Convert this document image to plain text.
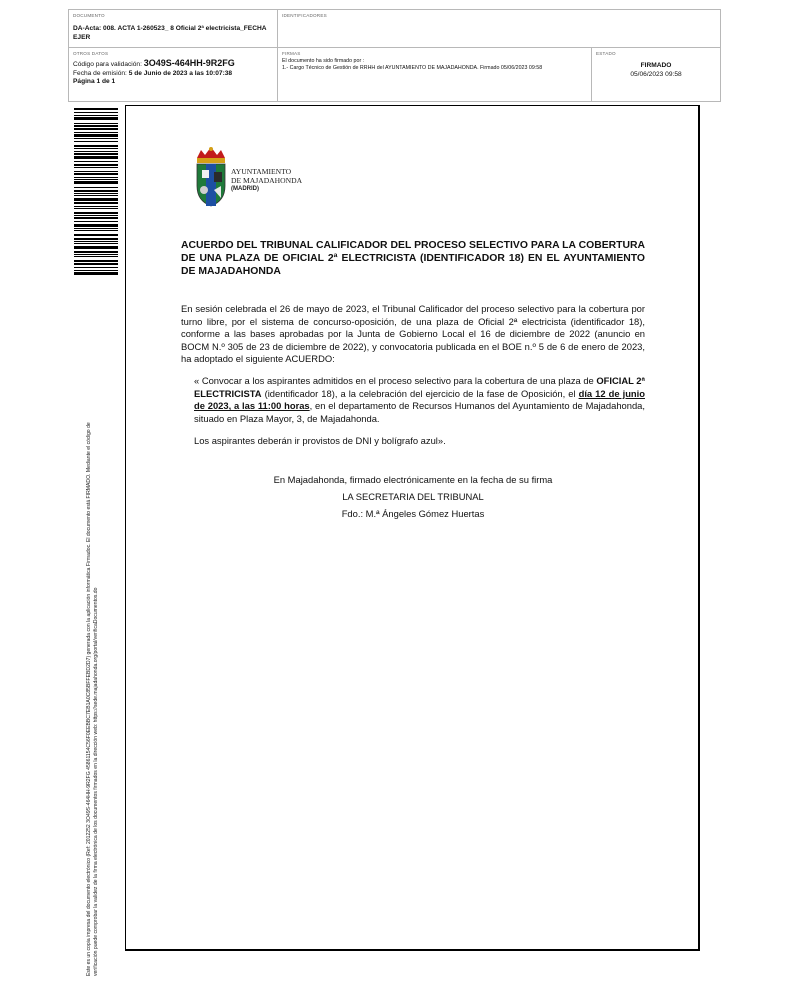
DOCUMENTO
DA-Acta: 008. ACTA 1-260523_ 8 Oficial 2ª electricista_FECHA EJER
IDENTIFICADORES
OTROS DATOS
Código para validación: 3O49S-464HH-9R2FG
Fecha de emisión: 5 de Junio de 2023 a las 10:07:38
Página 1 de 1
FIRMAS
El documento ha sido firmado por :
1.- Cargo Técnico de Gestión de RRHH del AYUNTAMIENTO DE MAJADAHONDA. Firmado 05/06/2023 09:58
ESTADO
FIRMADO
05/06/2023 09:58
Este es un copia impresa del documento electrónico (Ref: 2012252 3O49S-464HH-9R2FG 45861154C56F0EEBBC7EB1A0C85BFFEBD2D7) generada con la aplicación informática Firmadoc. El documento está FIRMADO. Mediante el código de verificación puede comprobar la validez de la firma electrónica de los documentos firmados en la dirección web: https://sede.majadahonda.org/portal/verificaDocumentos.do
AYUNTAMIENTO
DE MAJADAHONDA
(MADRID)
ACUERDO DEL TRIBUNAL CALIFICADOR DEL PROCESO SELECTIVO PARA LA COBERTURA DE UNA PLAZA DE OFICIAL 2ª ELECTRICISTA (IDENTIFICADOR 18) EN EL AYUNTAMIENTO DE MAJADAHONDA
En sesión celebrada el 26 de mayo de 2023, el Tribunal Calificador del proceso selectivo para la cobertura por turno libre, por el sistema de concurso-oposición, de una plaza de Oficial 2ª electricista (identificador 18), conforme a las bases aprobadas por la Junta de Gobierno Local el 16 de diciembre de 2022 (anuncio en BOCM N.º 305 de 23 de diciembre de 2022), y convocatoria publicada en el BOE n.º 5 de 6 de enero de 2023, ha adoptado el siguiente ACUERDO:
« Convocar a los aspirantes admitidos en el proceso selectivo para la cobertura de una plaza de OFICIAL 2ª ELECTRICISTA (identificador 18), a la celebración del ejercicio de la fase de Oposición, el día 12 de junio de 2023, a las 11:00 horas, en el departamento de Recursos Humanos del Ayuntamiento de Majadahonda, situado en Plaza Mayor, 3, de Majadahonda.
Los aspirantes deberán ir provistos de DNI y bolígrafo azul».
En Majadahonda, firmado electrónicamente en la fecha de su firma
LA SECRETARIA DEL TRIBUNAL
Fdo.: M.ª Ángeles Gómez Huertas
